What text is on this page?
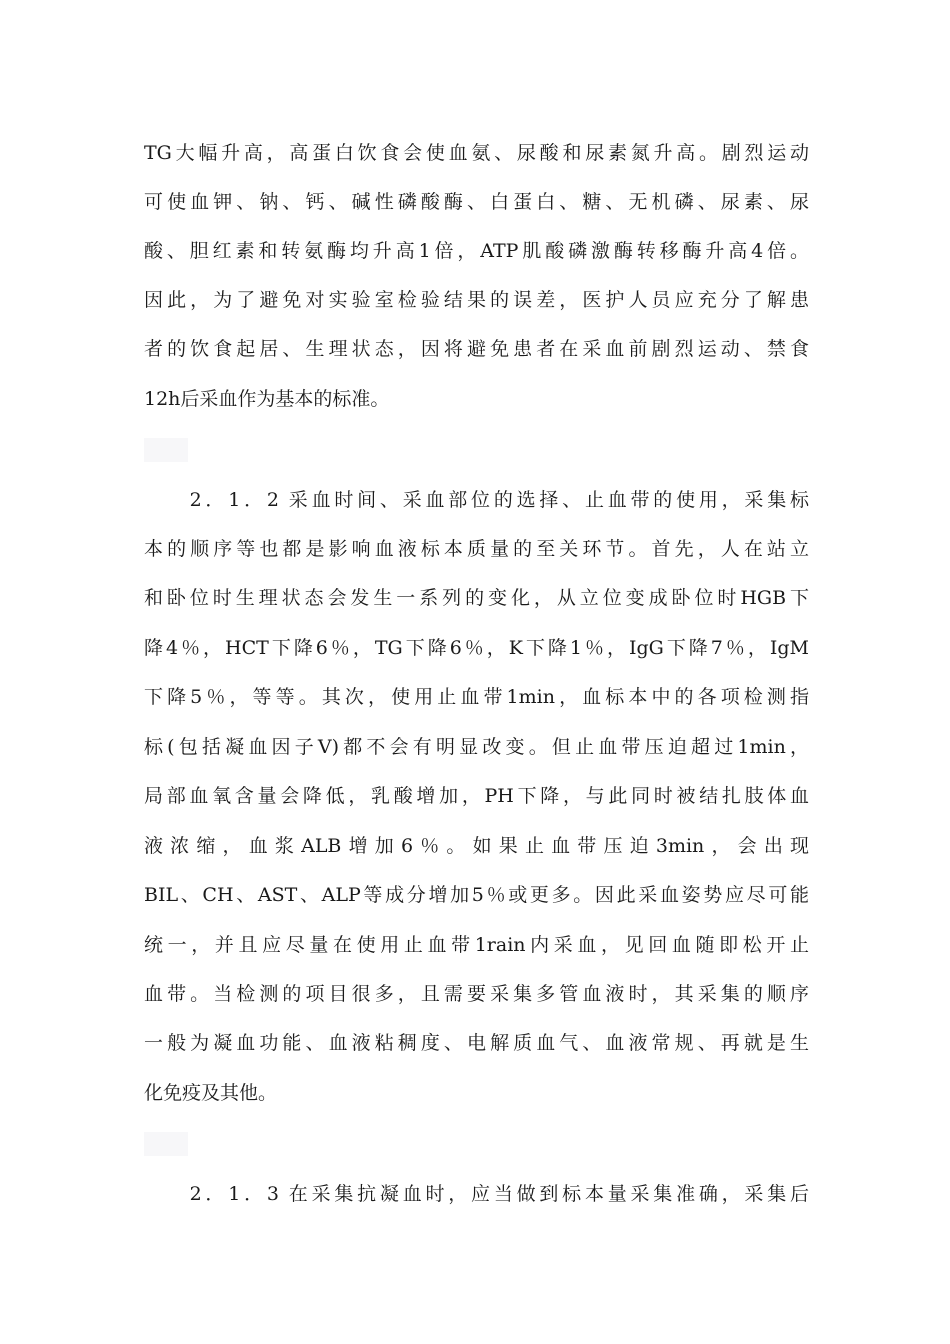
TG大幅升高，高蛋白饮食会使血氨、尿酸和尿素氮升高。剧烈运动
可使血钾、钠、钙、碱性磷酸酶、白蛋白、糖、无机磷、尿素、尿
酸、胆红素和转氨酶均升高1倍，ATP肌酸磷激酶转移酶升高4倍。
因此，为了避免对实验室检验结果的误差，医护人员应充分了解患
者的饮食起居、生理状态，因将避免患者在采血前剧烈运动、禁食
12h后采血作为基本的标准。
　　2．1．2 采血时间、采血部位的选择、止血带的使用，采集标
本的顺序等也都是影响血液标本质量的至关环节。首先，人在站立
和卧位时生理状态会发生一系列的变化，从立位变成卧位时HGB下
降4％，HCT下降6％，TG下降6％，K下降1％，IgG下降7％，IgM
下降5％，等等。其次，使用止血带1min，血标本中的各项检测指
标(包括凝血因子V)都不会有明显改变。但止血带压迫超过1min，
局部血氧含量会降低，乳酸增加，PH下降，与此同时被结扎肢体血
液浓缩，血浆ALB增加6％。如果止血带压迫3min，会出现
BIL、CH、AST、ALP等成分增加5％或更多。因此采血姿势应尽可能
统一，并且应尽量在使用止血带1rain内采血，见回血随即松开止
血带。当检测的项目很多，且需要采集多管血液时，其采集的顺序
一般为凝血功能、血液粘稠度、电解质血气、血液常规、再就是生
化免疫及其他。
　　2．1．3 在采集抗凝血时，应当做到标本量采集准确，采集后
